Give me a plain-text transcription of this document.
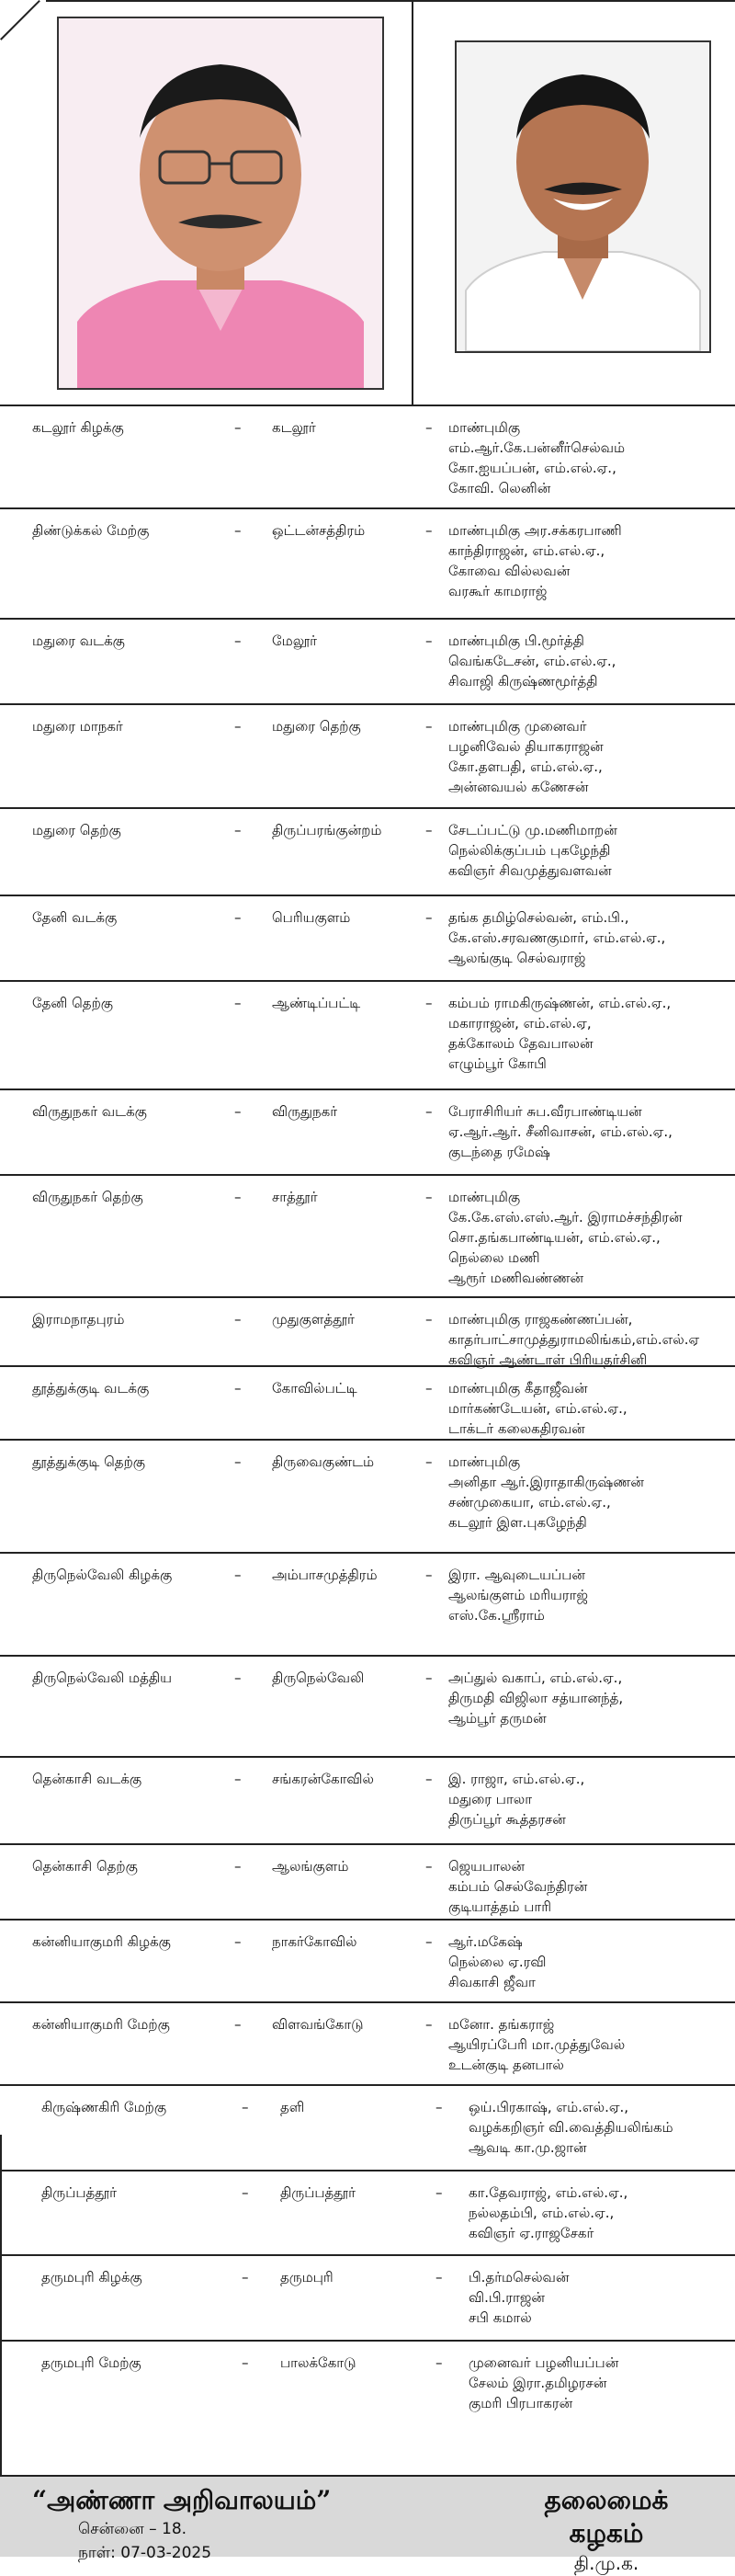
கடலூர் கிழக்கு	– கடலூர்	– மாண்புமிகு
எம்.ஆர்.கே.பன்னீர்செல்வம்
கோ.ஐயப்பன், எம்.எல்.ஏ.,
கோவி. லெனின்
திண்டுக்கல் மேற்கு	– ஒட்டன்சத்திரம்	– மாண்புமிகு அர.சக்கரபாணி
காந்திராஜன், எம்.எல்.ஏ.,
கோவை வில்லவன்
வரகூர் காமராஜ்
மதுரை வடக்கு	– மேலூர்	– மாண்புமிகு பி.மூர்த்தி
வெங்கடேசன், எம்.எல்.ஏ.,
சிவாஜி கிருஷ்ணமூர்த்தி
மதுரை மாநகர்	– மதுரை தெற்கு	– மாண்புமிகு முனைவர்
பழனிவேல் தியாகராஜன்
கோ.தளபதி, எம்.எல்.ஏ.,
அன்னவயல் கணேசன்
மதுரை தெற்கு	– திருப்பரங்குன்றம்	– சேடப்பட்டு மு.மணிமாறன்
நெல்லிக்குப்பம் புகழேந்தி
கவிஞர் சிவமுத்துவளவன்
தேனி வடக்கு	– பெரியகுளம்	– தங்க தமிழ்செல்வன், எம்.பி.,
கே.எஸ்.சரவணகுமார், எம்.எல்.ஏ.,
ஆலங்குடி செல்வராஜ்
தேனி தெற்கு	– ஆண்டிப்பட்டி	– கம்பம் ராமகிருஷ்ணன், எம்.எல்.ஏ.,
மகாராஜன், எம்.எல்.ஏ,
தக்கோலம் தேவபாலன்
எழும்பூர் கோபி
விருதுநகர் வடக்கு	– விருதுநகர்	– பேராசிரியர் சுப.வீரபாண்டியன்
ஏ.ஆர்.ஆர். சீனிவாசன், எம்.எல்.ஏ.,
குடந்தை ரமேஷ்
விருதுநகர் தெற்கு	– சாத்தூர்	– மாண்புமிகு
கே.கே.எஸ்.எஸ்.ஆர். இராமச்சந்திரன்
சொ.தங்கபாண்டியன், எம்.எல்.ஏ.,
நெல்லை மணி
ஆரூர் மணிவண்ணன்
இராமநாதபுரம்	– முதுகுளத்தூர்	– மாண்புமிகு ராஜகண்ணப்பன்,
காதர்பாட்சாமுத்துராமலிங்கம்,எம்.எல்.ஏ
கவிஞர் ஆண்டாள் பிரியதர்சினி
தூத்துக்குடி வடக்கு	– கோவில்பட்டி	– மாண்புமிகு கீதாஜீவன்
மார்கண்டேயன், எம்.எல்.ஏ.,
டாக்டர் கலைகதிரவன்
தூத்துக்குடி தெற்கு	– திருவைகுண்டம்	– மாண்புமிகு
அனிதா ஆர்.இராதாகிருஷ்ணன்
சண்முகையா, எம்.எல்.ஏ.,
கடலூர் இள.புகழேந்தி
திருநெல்வேலி கிழக்கு	– அம்பாசமுத்திரம்	– இரா. ஆவுடையப்பன்
ஆலங்குளம் மரியராஜ்
எஸ்.கே.ஸ்ரீராம்
திருநெல்வேலி மத்திய	– திருநெல்வேலி	– அப்துல் வகாப், எம்.எல்.ஏ.,
திருமதி விஜிலா சத்யானந்த்,
ஆம்பூர் தருமன்
தென்காசி வடக்கு	– சங்கரன்கோவில்	– இ. ராஜா, எம்.எல்.ஏ.,
மதுரை பாலா
திருப்பூர் கூத்தரசன்
தென்காசி தெற்கு	– ஆலங்குளம்	– ஜெயபாலன்
கம்பம் செல்வேந்திரன்
குடியாத்தம் பாரி
கன்னியாகுமரி கிழக்கு	– நாகர்கோவில்	– ஆர்.மகேஷ்
நெல்லை ஏ.ரவி
சிவகாசி ஜீவா
கன்னியாகுமரி மேற்கு	– விளவங்கோடு	– மனோ. தங்கராஜ்
ஆயிரப்பேரி மா.முத்துவேல்
உடன்குடி தனபால்
கிருஷ்ணகிரி மேற்கு	– தளி	– ஒய்.பிரகாஷ், எம்.எல்.ஏ.,
வழக்கறிஞர் வி.வைத்தியலிங்கம்
ஆவடி கா.மு.ஜான்
திருப்பத்தூர்	– திருப்பத்தூர்	– கா.தேவராஜ், எம்.எல்.ஏ.,
நல்லதம்பி, எம்.எல்.ஏ.,
கவிஞர் ஏ.ராஜசேகர்
தருமபுரி கிழக்கு	– தருமபுரி	– பி.தர்மசெல்வன்
வி.பி.ராஜன்
சபி கமால்
தருமபுரி மேற்கு	– பாலக்கோடு	– முனைவர் பழனியப்பன்
சேலம் இரா.தமிழரசன்
குமரி பிரபாகரன்
“அண்ணா அறிவாலயம்”
சென்னை – 18.
நாள்: 07-03-2025
தலைமைக் கழகம்
தி.மு.க.
